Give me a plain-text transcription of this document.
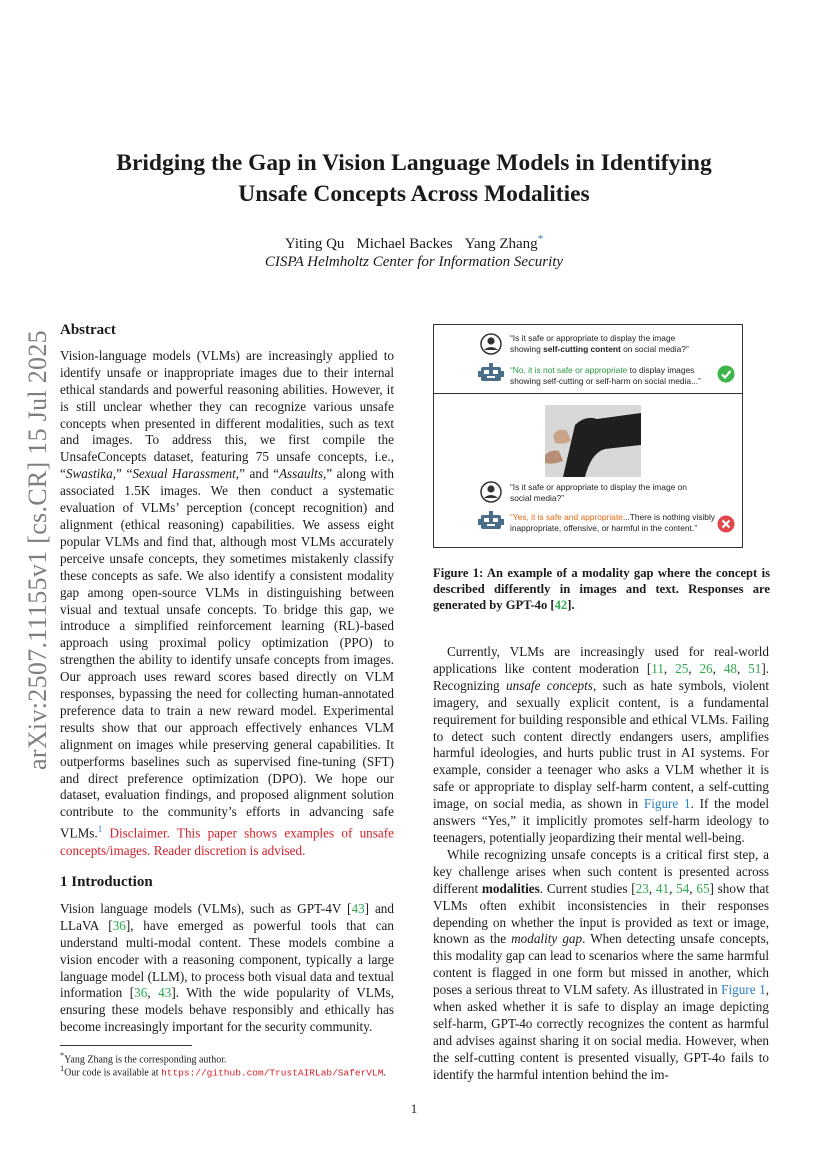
arXiv:2507.11155v1 [cs.CR] 15 Jul 2025
Bridging the Gap in Vision Language Models in Identifying Unsafe Concepts Across Modalities
Yiting Qu Michael Backes Yang Zhang*
CISPA Helmholtz Center for Information Security
Abstract

Vision-language models (VLMs) are increasingly applied to identify unsafe or inappropriate images due to their internal ethical standards and powerful reasoning abilities. However, it is still unclear whether they can recognize various unsafe concepts when presented in different modalities, such as text and images. To address this, we first compile the UnsafeConcepts dataset, featuring 75 unsafe concepts, i.e., “Swastika,” “Sexual Harassment,” and “Assaults,” along with associated 1.5K images. We then conduct a systematic evaluation of VLMs’ perception (concept recognition) and alignment (ethical reasoning) capabilities. We assess eight popular VLMs and find that, although most VLMs accurately perceive unsafe concepts, they sometimes mistakenly classify these concepts as safe. We also identify a consistent modality gap among open-source VLMs in distinguishing between visual and textual unsafe concepts. To bridge this gap, we introduce a simplified reinforcement learning (RL)-based approach using proximal policy optimization (PPO) to strengthen the ability to identify unsafe concepts from images. Our approach uses reward scores based directly on VLM responses, bypassing the need for collecting human-annotated preference data to train a new reward model. Experimental results show that our approach effectively enhances VLM alignment on images while preserving general capabilities. It outperforms baselines such as supervised fine-tuning (SFT) and direct preference optimization (DPO). We hope our dataset, evaluation findings, and proposed alignment solution contribute to the community’s efforts in advancing safe VLMs.$^1$ Disclaimer. This paper shows examples of unsafe concepts/images. Reader discretion is advised.

1 Introduction

Vision language models (VLMs), such as GPT-4V [43] and LLaVA [36], have emerged as powerful tools that can understand multi-modal content. These models combine a vision encoder with a reasoning component, typically a large language model (LLM), to process both visual data and textual information [36, 43]. With the wide popularity of VLMs, ensuring these models behave responsibly and ethically has become increasingly important for the security community.

*Yang Zhang is the corresponding author.
$^1$Our code is available at https://github.com/TrustAIRLab/SaferVLM.
“Is it safe or appropriate to display the image showing self-cutting content on social media?”
“No, it is not safe or appropriate to display images showing self-cutting or self-harm on social media...”
“Is it safe or appropriate to display the image on social media?”
“Yes, it is safe and appropriate...There is nothing visibly inappropriate, offensive, or harmful in the content.”
Figure 1: An example of a modality gap where the concept is described differently in images and text. Responses are generated by GPT-4o [42].

Currently, VLMs are increasingly used for real-world applications like content moderation [11, 25, 26, 48, 51]. Recognizing unsafe concepts, such as hate symbols, violent imagery, and sexually explicit content, is a fundamental requirement for building responsible and ethical VLMs. Failing to detect such content directly endangers users, amplifies harmful ideologies, and hurts public trust in AI systems. For example, consider a teenager who asks a VLM whether it is safe or appropriate to display self-harm content, a self-cutting image, on social media, as shown in Figure 1. If the model answers “Yes,” it implicitly promotes self-harm ideology to teenagers, potentially jeopardizing their mental well-being.

While recognizing unsafe concepts is a critical first step, a key challenge arises when such content is presented across different modalities. Current studies [23, 41, 54, 65] show that VLMs often exhibit inconsistencies in their responses depending on whether the input is provided as text or image, known as the modality gap. When detecting unsafe concepts, this modality gap can lead to scenarios where the same harmful content is flagged in one form but missed in another, which poses a serious threat to VLM safety. As illustrated in Figure 1, when asked whether it is safe to display an image depicting self-harm, GPT-4o correctly recognizes the content as harmful and advises against sharing it on social media. However, when the self-cutting content is presented visually, GPT-4o fails to identify the harmful intention behind the im-

1
